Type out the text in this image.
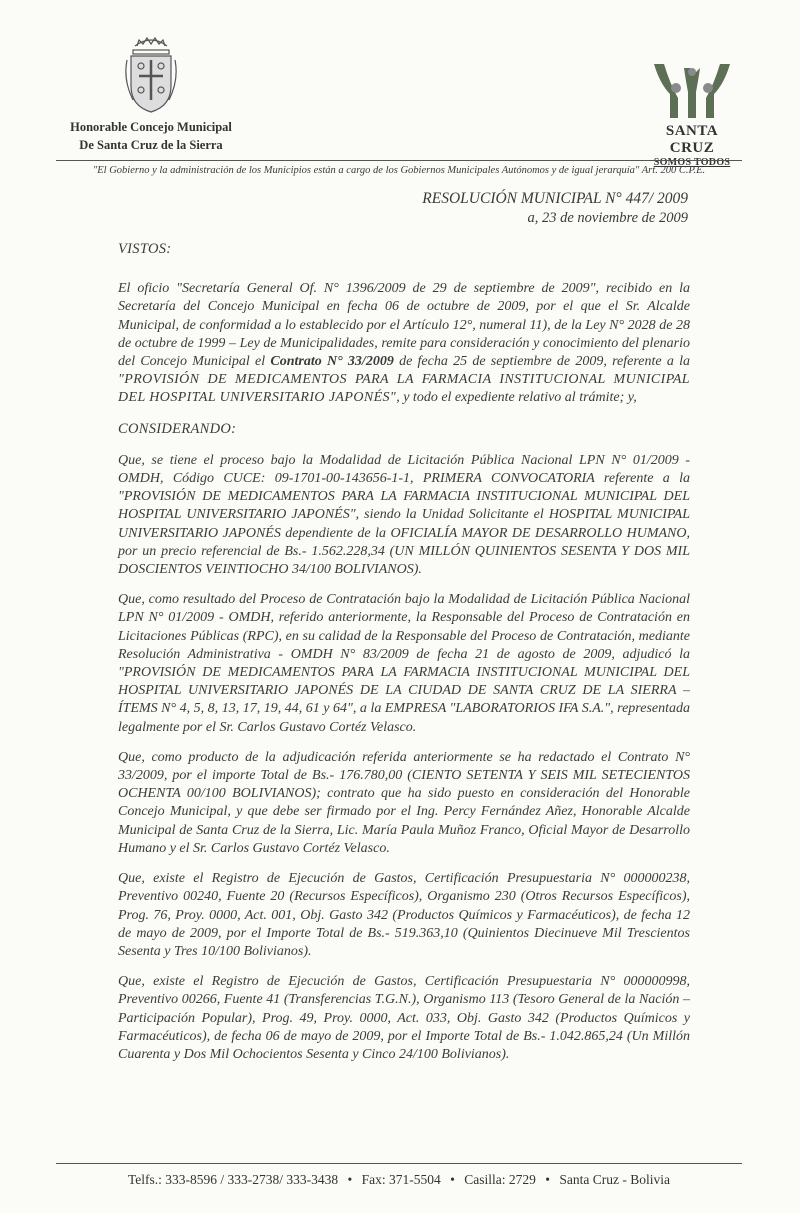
Honorable Concejo Municipal
De Santa Cruz de la Sierra
SANTA CRUZ
SOMOS TODOS
"El Gobierno y la administración de los Municipios están a cargo de los Gobiernos Municipales Autónomos y de igual jerarquía" Art. 200 C.P.E.
RESOLUCIÓN MUNICIPAL N° 447/ 2009
a, 23 de noviembre de 2009
VISTOS:

El oficio "Secretaría General Of. N° 1396/2009 de 29 de septiembre de 2009", recibido en la Secretaría del Concejo Municipal en fecha 06 de octubre de 2009, por el que el Sr. Alcalde Municipal, de conformidad a lo establecido por el Artículo 12°, numeral 11), de la Ley N° 2028 de 28 de octubre de 1999 – Ley de Municipalidades, remite para consideración y conocimiento del plenario del Concejo Municipal el Contrato N° 33/2009 de fecha 25 de septiembre de 2009, referente a la "PROVISIÓN DE MEDICAMENTOS PARA LA FARMACIA INSTITUCIONAL MUNICIPAL DEL HOSPITAL UNIVERSITARIO JAPONÉS", y todo el expediente relativo al trámite; y,

CONSIDERANDO:

Que, se tiene el proceso bajo la Modalidad de Licitación Pública Nacional LPN N° 01/2009 - OMDH, Código CUCE: 09-1701-00-143656-1-1, PRIMERA CONVOCATORIA referente a la "PROVISIÓN DE MEDICAMENTOS PARA LA FARMACIA INSTITUCIONAL MUNICIPAL DEL HOSPITAL UNIVERSITARIO JAPONÉS", siendo la Unidad Solicitante el HOSPITAL MUNICIPAL UNIVERSITARIO JAPONÉS dependiente de la OFICIALÍA MAYOR DE DESARROLLO HUMANO, por un precio referencial de Bs.- 1.562.228,34 (UN MILLÓN QUINIENTOS SESENTA Y DOS MIL DOSCIENTOS VEINTIOCHO 34/100 BOLIVIANOS).

Que, como resultado del Proceso de Contratación bajo la Modalidad de Licitación Pública Nacional LPN N° 01/2009 - OMDH, referido anteriormente, la Responsable del Proceso de Contratación en Licitaciones Públicas (RPC), en su calidad de la Responsable del Proceso de Contratación, mediante Resolución Administrativa - OMDH N° 83/2009 de fecha 21 de agosto de 2009, adjudicó la "PROVISIÓN DE MEDICAMENTOS PARA LA FARMACIA INSTITUCIONAL MUNICIPAL DEL HOSPITAL UNIVERSITARIO JAPONÉS DE LA CIUDAD DE SANTA CRUZ DE LA SIERRA – ÍTEMS N° 4, 5, 8, 13, 17, 19, 44, 61 y 64", a la EMPRESA "LABORATORIOS IFA S.A.", representada legalmente por el Sr. Carlos Gustavo Cortéz Velasco.

Que, como producto de la adjudicación referida anteriormente se ha redactado el Contrato N° 33/2009, por el importe Total de Bs.- 176.780,00 (CIENTO SETENTA Y SEIS MIL SETECIENTOS OCHENTA 00/100 BOLIVIANOS); contrato que ha sido puesto en consideración del Honorable Concejo Municipal, y que debe ser firmado por el Ing. Percy Fernández Añez, Honorable Alcalde Municipal de Santa Cruz de la Sierra, Lic. María Paula Muñoz Franco, Oficial Mayor de Desarrollo Humano y el Sr. Carlos Gustavo Cortéz Velasco.

Que, existe el Registro de Ejecución de Gastos, Certificación Presupuestaria N° 000000238, Preventivo 00240, Fuente 20 (Recursos Específicos), Organismo 230 (Otros Recursos Específicos), Prog. 76, Proy. 0000, Act. 001, Obj. Gasto 342 (Productos Químicos y Farmacéuticos), de fecha 12 de mayo de 2009, por el Importe Total de Bs.- 519.363,10 (Quinientos Diecinueve Mil Trescientos Sesenta y Tres 10/100 Bolivianos).

Que, existe el Registro de Ejecución de Gastos, Certificación Presupuestaria N° 000000998, Preventivo 00266, Fuente 41 (Transferencias T.G.N.), Organismo 113 (Tesoro General de la Nación – Participación Popular), Prog. 49, Proy. 0000, Act. 033, Obj. Gasto 342 (Productos Químicos y Farmacéuticos), de fecha 06 de mayo de 2009, por el Importe Total de Bs.- 1.042.865,24 (Un Millón Cuarenta y Dos Mil Ochocientos Sesenta y Cinco 24/100 Bolivianos).

Telfs.: 333-8596 / 333-2738/ 333-3438 • Fax: 371-5504 • Casilla: 2729 • Santa Cruz - Bolivia
